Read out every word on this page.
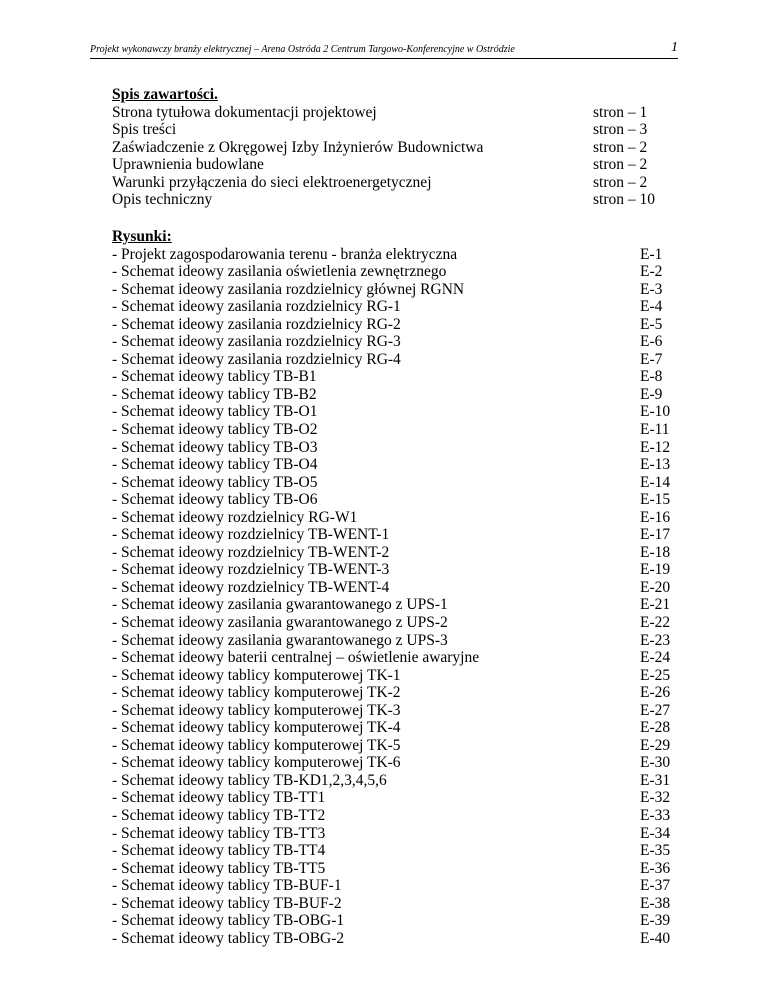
Projekt wykonawczy branży elektrycznej – Arena Ostróda 2 Centrum Targowo-Konferencyjne w Ostródzie	1
Spis zawartości.
Strona tytułowa dokumentacji projektowej	stron – 1
Spis treści	stron – 3
Zaświadczenie z Okręgowej Izby Inżynierów Budownictwa	stron – 2
Uprawnienia budowlane	stron – 2
Warunki przyłączenia do sieci elektroenergetycznej	stron – 2
Opis techniczny	stron – 10
Rysunki:
- Projekt zagospodarowania terenu - branża elektryczna	E-1
- Schemat ideowy zasilania oświetlenia zewnętrznego	E-2
- Schemat ideowy zasilania rozdzielnicy głównej RGNN	E-3
- Schemat ideowy zasilania rozdzielnicy RG-1	E-4
- Schemat ideowy zasilania rozdzielnicy RG-2	E-5
- Schemat ideowy zasilania rozdzielnicy RG-3	E-6
- Schemat ideowy zasilania rozdzielnicy RG-4	E-7
- Schemat ideowy tablicy TB-B1	E-8
- Schemat ideowy tablicy TB-B2	E-9
- Schemat ideowy tablicy TB-O1	E-10
- Schemat ideowy tablicy TB-O2	E-11
- Schemat ideowy tablicy TB-O3	E-12
- Schemat ideowy tablicy TB-O4	E-13
- Schemat ideowy tablicy TB-O5	E-14
- Schemat ideowy tablicy TB-O6	E-15
- Schemat ideowy rozdzielnicy RG-W1	E-16
- Schemat ideowy rozdzielnicy TB-WENT-1	E-17
- Schemat ideowy rozdzielnicy TB-WENT-2	E-18
- Schemat ideowy rozdzielnicy TB-WENT-3	E-19
- Schemat ideowy rozdzielnicy TB-WENT-4	E-20
- Schemat ideowy zasilania gwarantowanego z UPS-1	E-21
- Schemat ideowy zasilania gwarantowanego z UPS-2	E-22
- Schemat ideowy zasilania gwarantowanego z UPS-3	E-23
- Schemat ideowy baterii centralnej – oświetlenie awaryjne	E-24
- Schemat ideowy tablicy komputerowej TK-1	E-25
- Schemat ideowy tablicy komputerowej TK-2	E-26
- Schemat ideowy tablicy komputerowej TK-3	E-27
- Schemat ideowy tablicy komputerowej TK-4	E-28
- Schemat ideowy tablicy komputerowej TK-5	E-29
- Schemat ideowy tablicy komputerowej TK-6	E-30
- Schemat ideowy tablicy TB-KD1,2,3,4,5,6	E-31
- Schemat ideowy tablicy TB-TT1	E-32
- Schemat ideowy tablicy TB-TT2	E-33
- Schemat ideowy tablicy TB-TT3	E-34
- Schemat ideowy tablicy TB-TT4	E-35
- Schemat ideowy tablicy TB-TT5	E-36
- Schemat ideowy tablicy TB-BUF-1	E-37
- Schemat ideowy tablicy TB-BUF-2	E-38
- Schemat ideowy tablicy TB-OBG-1	E-39
- Schemat ideowy tablicy TB-OBG-2	E-40
